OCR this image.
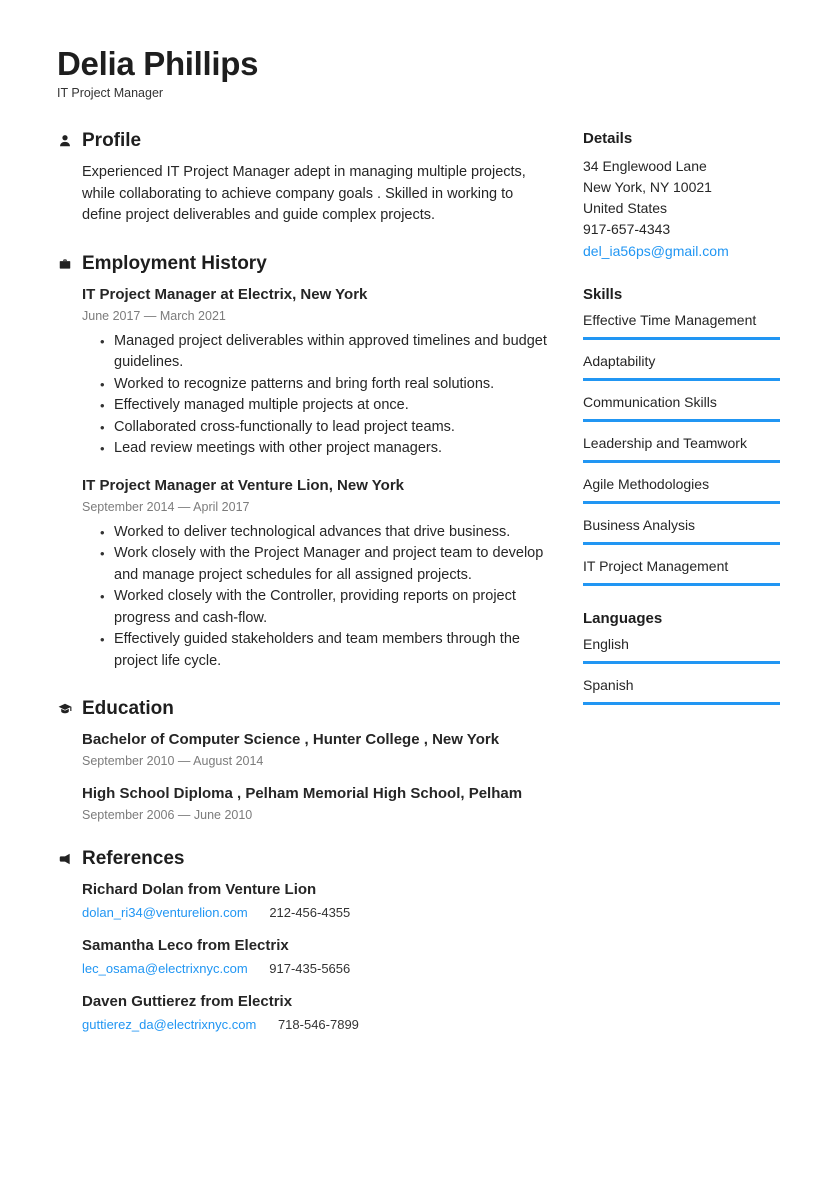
Delia Phillips
IT Project Manager
Profile
Experienced IT Project Manager adept in managing multiple projects, while collaborating to achieve company goals . Skilled in working to define project deliverables and guide complex projects.
Employment History
IT Project Manager at Electrix, New York
June 2017 — March 2021
• Managed project deliverables within approved timelines and budget guidelines.
• Worked to recognize patterns and bring forth real solutions.
• Effectively managed multiple projects at once.
• Collaborated cross-functionally to lead project teams.
• Lead review meetings with other project managers.
IT Project Manager at Venture Lion, New York
September 2014 — April 2017
• Worked to deliver technological advances that drive business.
• Work closely with the Project Manager and project team to develop and manage project schedules for all assigned projects.
• Worked closely with the Controller, providing reports on project progress and cash-flow.
• Effectively guided stakeholders and team members through the project life cycle.
Education
Bachelor of Computer Science , Hunter College , New York
September 2010 — August 2014
High School Diploma , Pelham Memorial High School, Pelham
September 2006 — June 2010
References
Richard Dolan from Venture Lion
dolan_ri34@venturelion.com 212-456-4355
Samantha Leco from Electrix
lec_osama@electrixnyc.com 917-435-5656
Daven Guttierez from Electrix
guttierez_da@electrixnyc.com 718-546-7899
Details
34 Englewood Lane
New York, NY 10021
United States
917-657-4343
del_ia56ps@gmail.com
Skills
Effective Time Management
Adaptability
Communication Skills
Leadership and Teamwork
Agile Methodologies
Business Analysis
IT Project Management
Languages
English
Spanish
